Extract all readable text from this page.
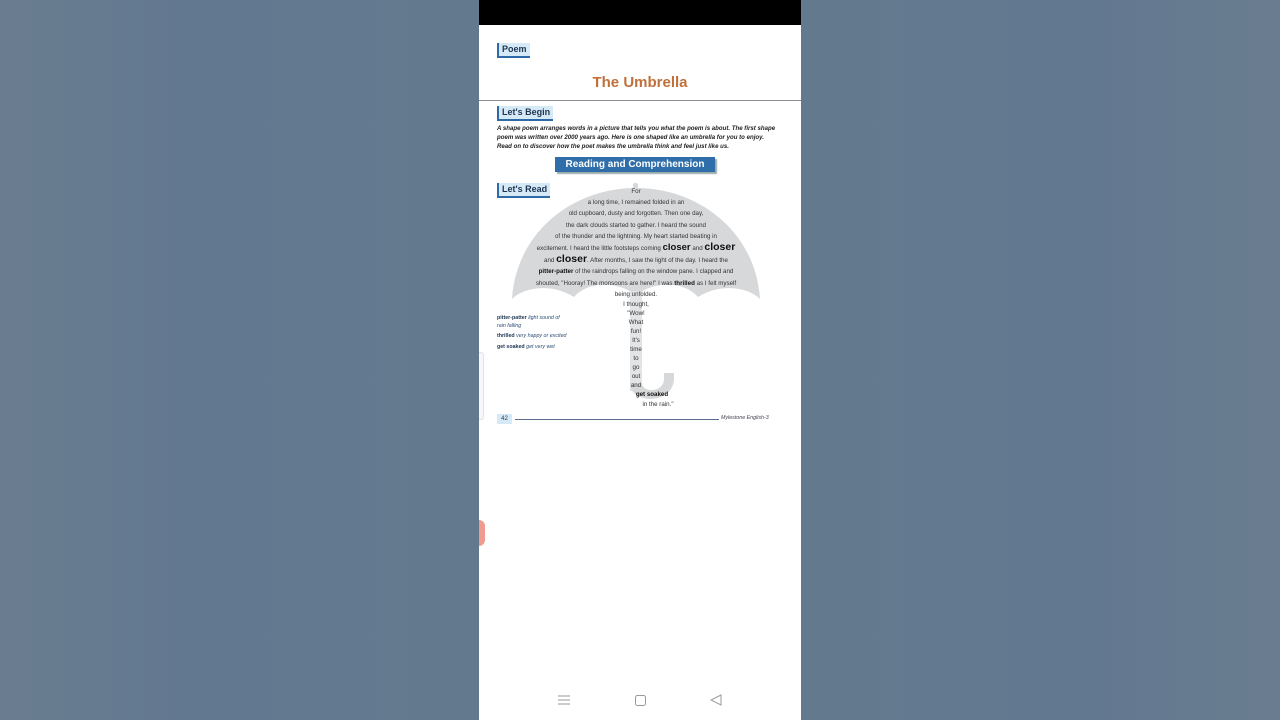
Poem
The Umbrella
Let's Begin
A shape poem arranges words in a picture that tells you what the poem is about. The first shape poem was written over 2000 years ago. Here is one shaped like an umbrella for you to enjoy. Read on to discover how the poet makes the umbrella think and feel just like us.
Reading and Comprehension
Let's Read	For
a long time, I remained folded in an
old cupboard, dusty and forgotten. Then one day,
the dark clouds started to gather. I heard the sound
of the thunder and the lightning. My heart started beating in
excitement. I heard the little footsteps coming closer and closer
and closer. After months, I saw the light of the day. I heard the
pitter-patter of the raindrops falling on the window pane. I clapped and
shouted, "Hooray! The monsoons are here!" I was thrilled as I felt myself
being unfolded.
I thought,
"Wow!
What
fun!
It's
time
to
go
out
and
get soaked
in the rain."
pitter-patter light sound of rain falling
thrilled very happy or excited
get soaked get very wet
42	Mylestone English-3
